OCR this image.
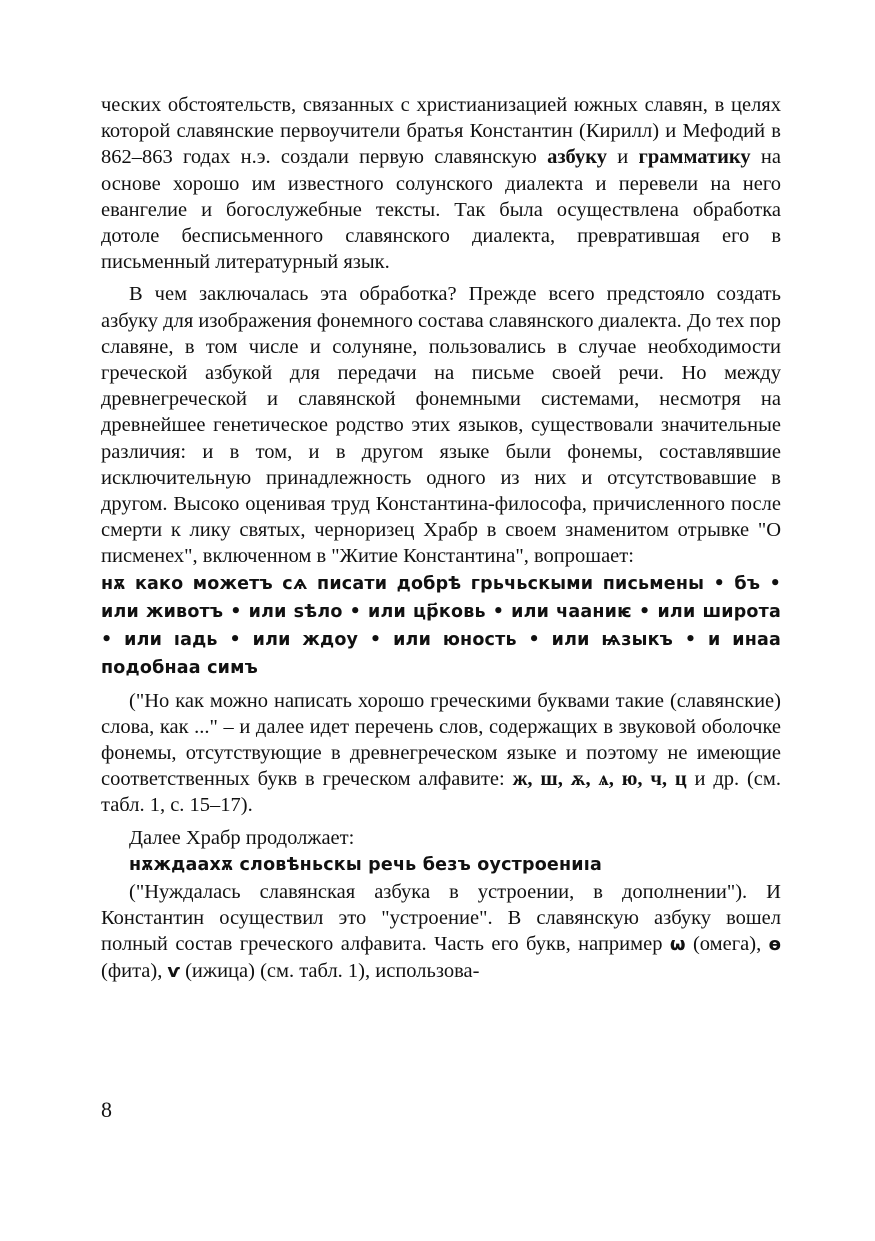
ческих обстоятельств, связанных с христианизацией южных славян, в целях которой славянские первоучители братья Константин (Кирилл) и Мефодий в 862–863 годах н.э. создали первую славянскую азбуку и грамматику на основе хорошо им известного солунского диалекта и перевели на него евангелие и богослужебные тексты. Так была осуществлена обработка дотоле бесписьменного славянского диалекта, превратившая его в письменный литературный язык.

В чем заключалась эта обработка? Прежде всего предстояло создать азбуку для изображения фонемного состава славянского диалекта. До тех пор славяне, в том числе и солуняне, пользовались в случае необходимости греческой азбукой для передачи на письме своей речи. Но между древнегреческой и славянской фонемными системами, несмотря на древнейшее генетическое родство этих языков, существовали значительные различия: и в том, и в другом языке были фонемы, составлявшие исключительную принадлежность одного из них и отсутствовавшие в другом. Высоко оценивая труд Константина-философа, причисленного после смерти к лику святых, черноризец Храбр в своем знаменитом отрывке "О писменех", включенном в "Житие Константина", вопрошает:

нѫ како можетъ сѧ писати добрѣ грьчьскыми письмены • бъ • или животъ • или ѕѣло • или цр҃ковь • или чааниѥ • или широта • или ıадь • или ждоу • или юность • или ѩзыкъ • и инаа подобнаа симъ

("Но как можно написать хорошо греческими буквами такие (славянские) слова, как ..." – и далее идет перечень слов, содержащих в звуковой оболочке фонемы, отсутствующие в древнегреческом языке и поэтому не имеющие соответственных букв в греческом алфавите: ж, ш, ѫ, ѧ, ю, ч, ц и др. (см. табл. 1, с. 15–17).

Далее Храбр продолжает:

нѫждаахѫ словѣньскы речь безъ оустроениıа

("Нуждалась славянская азбука в устроении, в дополнении"). И Константин осуществил это "устроение". В славянскую азбуку вошел полный состав греческого алфавита. Часть его букв, например ѡ (омега), ѳ (фита), ѵ (ижица) (см. табл. 1), использова-

8
